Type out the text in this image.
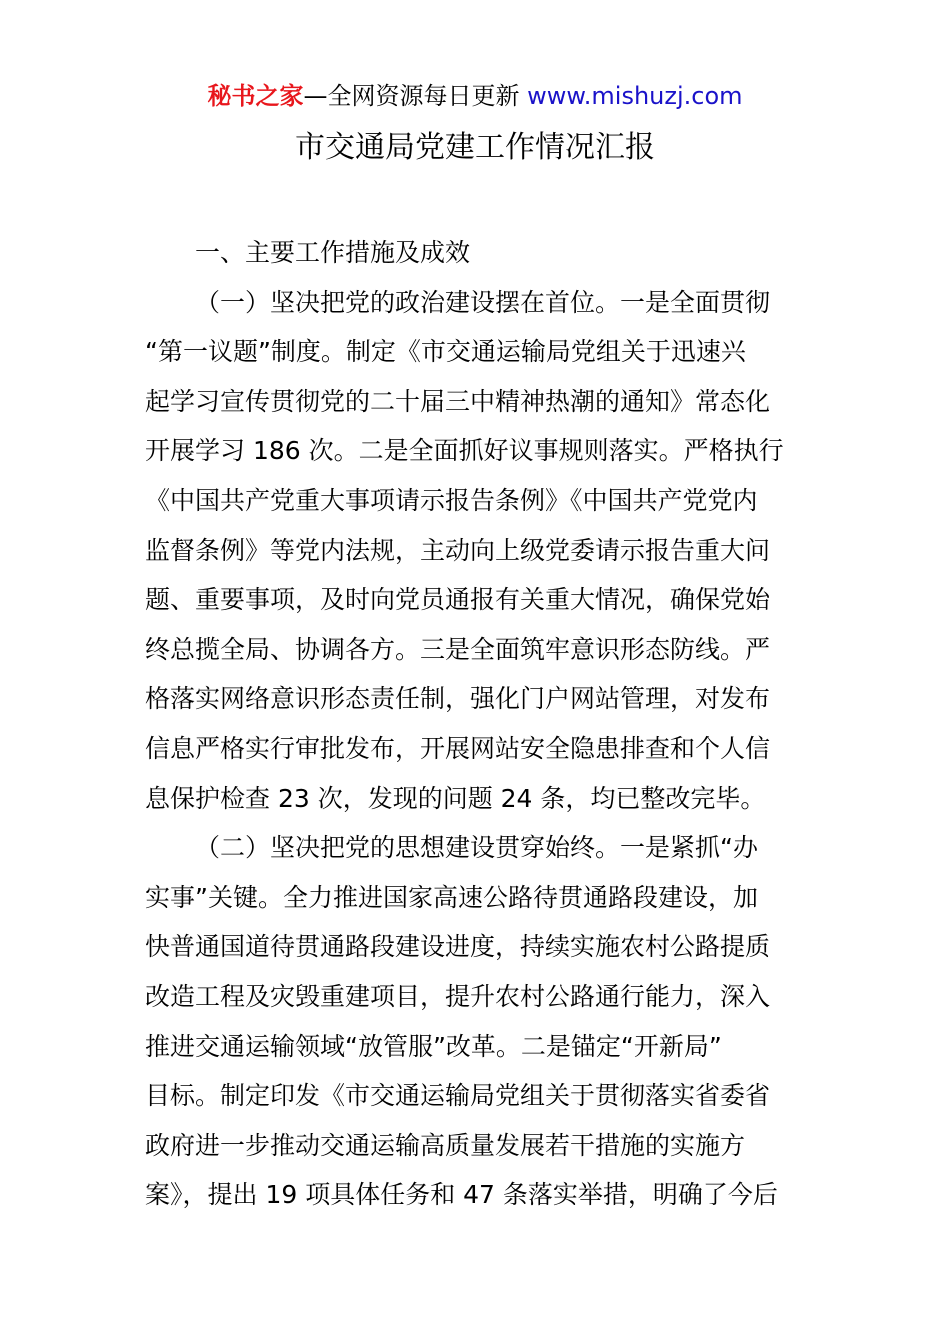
秘书之家—全网资源每日更新 www.mishuzj.com
市交通局党建工作情况汇报
一、主要工作措施及成效
（一）坚决把党的政治建设摆在首位。一是全面贯彻
“第一议题”制度。制定《市交通运输局党组关于迅速兴
起学习宣传贯彻党的二十届三中精神热潮的通知》常态化
开展学习 186 次。二是全面抓好议事规则落实。严格执行
《中国共产党重大事项请示报告条例》《中国共产党党内
监督条例》等党内法规，主动向上级党委请示报告重大问
题、重要事项，及时向党员通报有关重大情况，确保党始
终总揽全局、协调各方。三是全面筑牢意识形态防线。严
格落实网络意识形态责任制，强化门户网站管理，对发布
信息严格实行审批发布，开展网站安全隐患排查和个人信
息保护检查 23 次，发现的问题 24 条，均已整改完毕。
（二）坚决把党的思想建设贯穿始终。一是紧抓“办
实事”关键。全力推进国家高速公路待贯通路段建设，加
快普通国道待贯通路段建设进度，持续实施农村公路提质
改造工程及灾毁重建项目，提升农村公路通行能力，深入
推进交通运输领域“放管服”改革。二是锚定“开新局”
目标。制定印发《市交通运输局党组关于贯彻落实省委省
政府进一步推动交通运输高质量发展若干措施的实施方
案》，提出 19 项具体任务和 47 条落实举措，明确了今后
